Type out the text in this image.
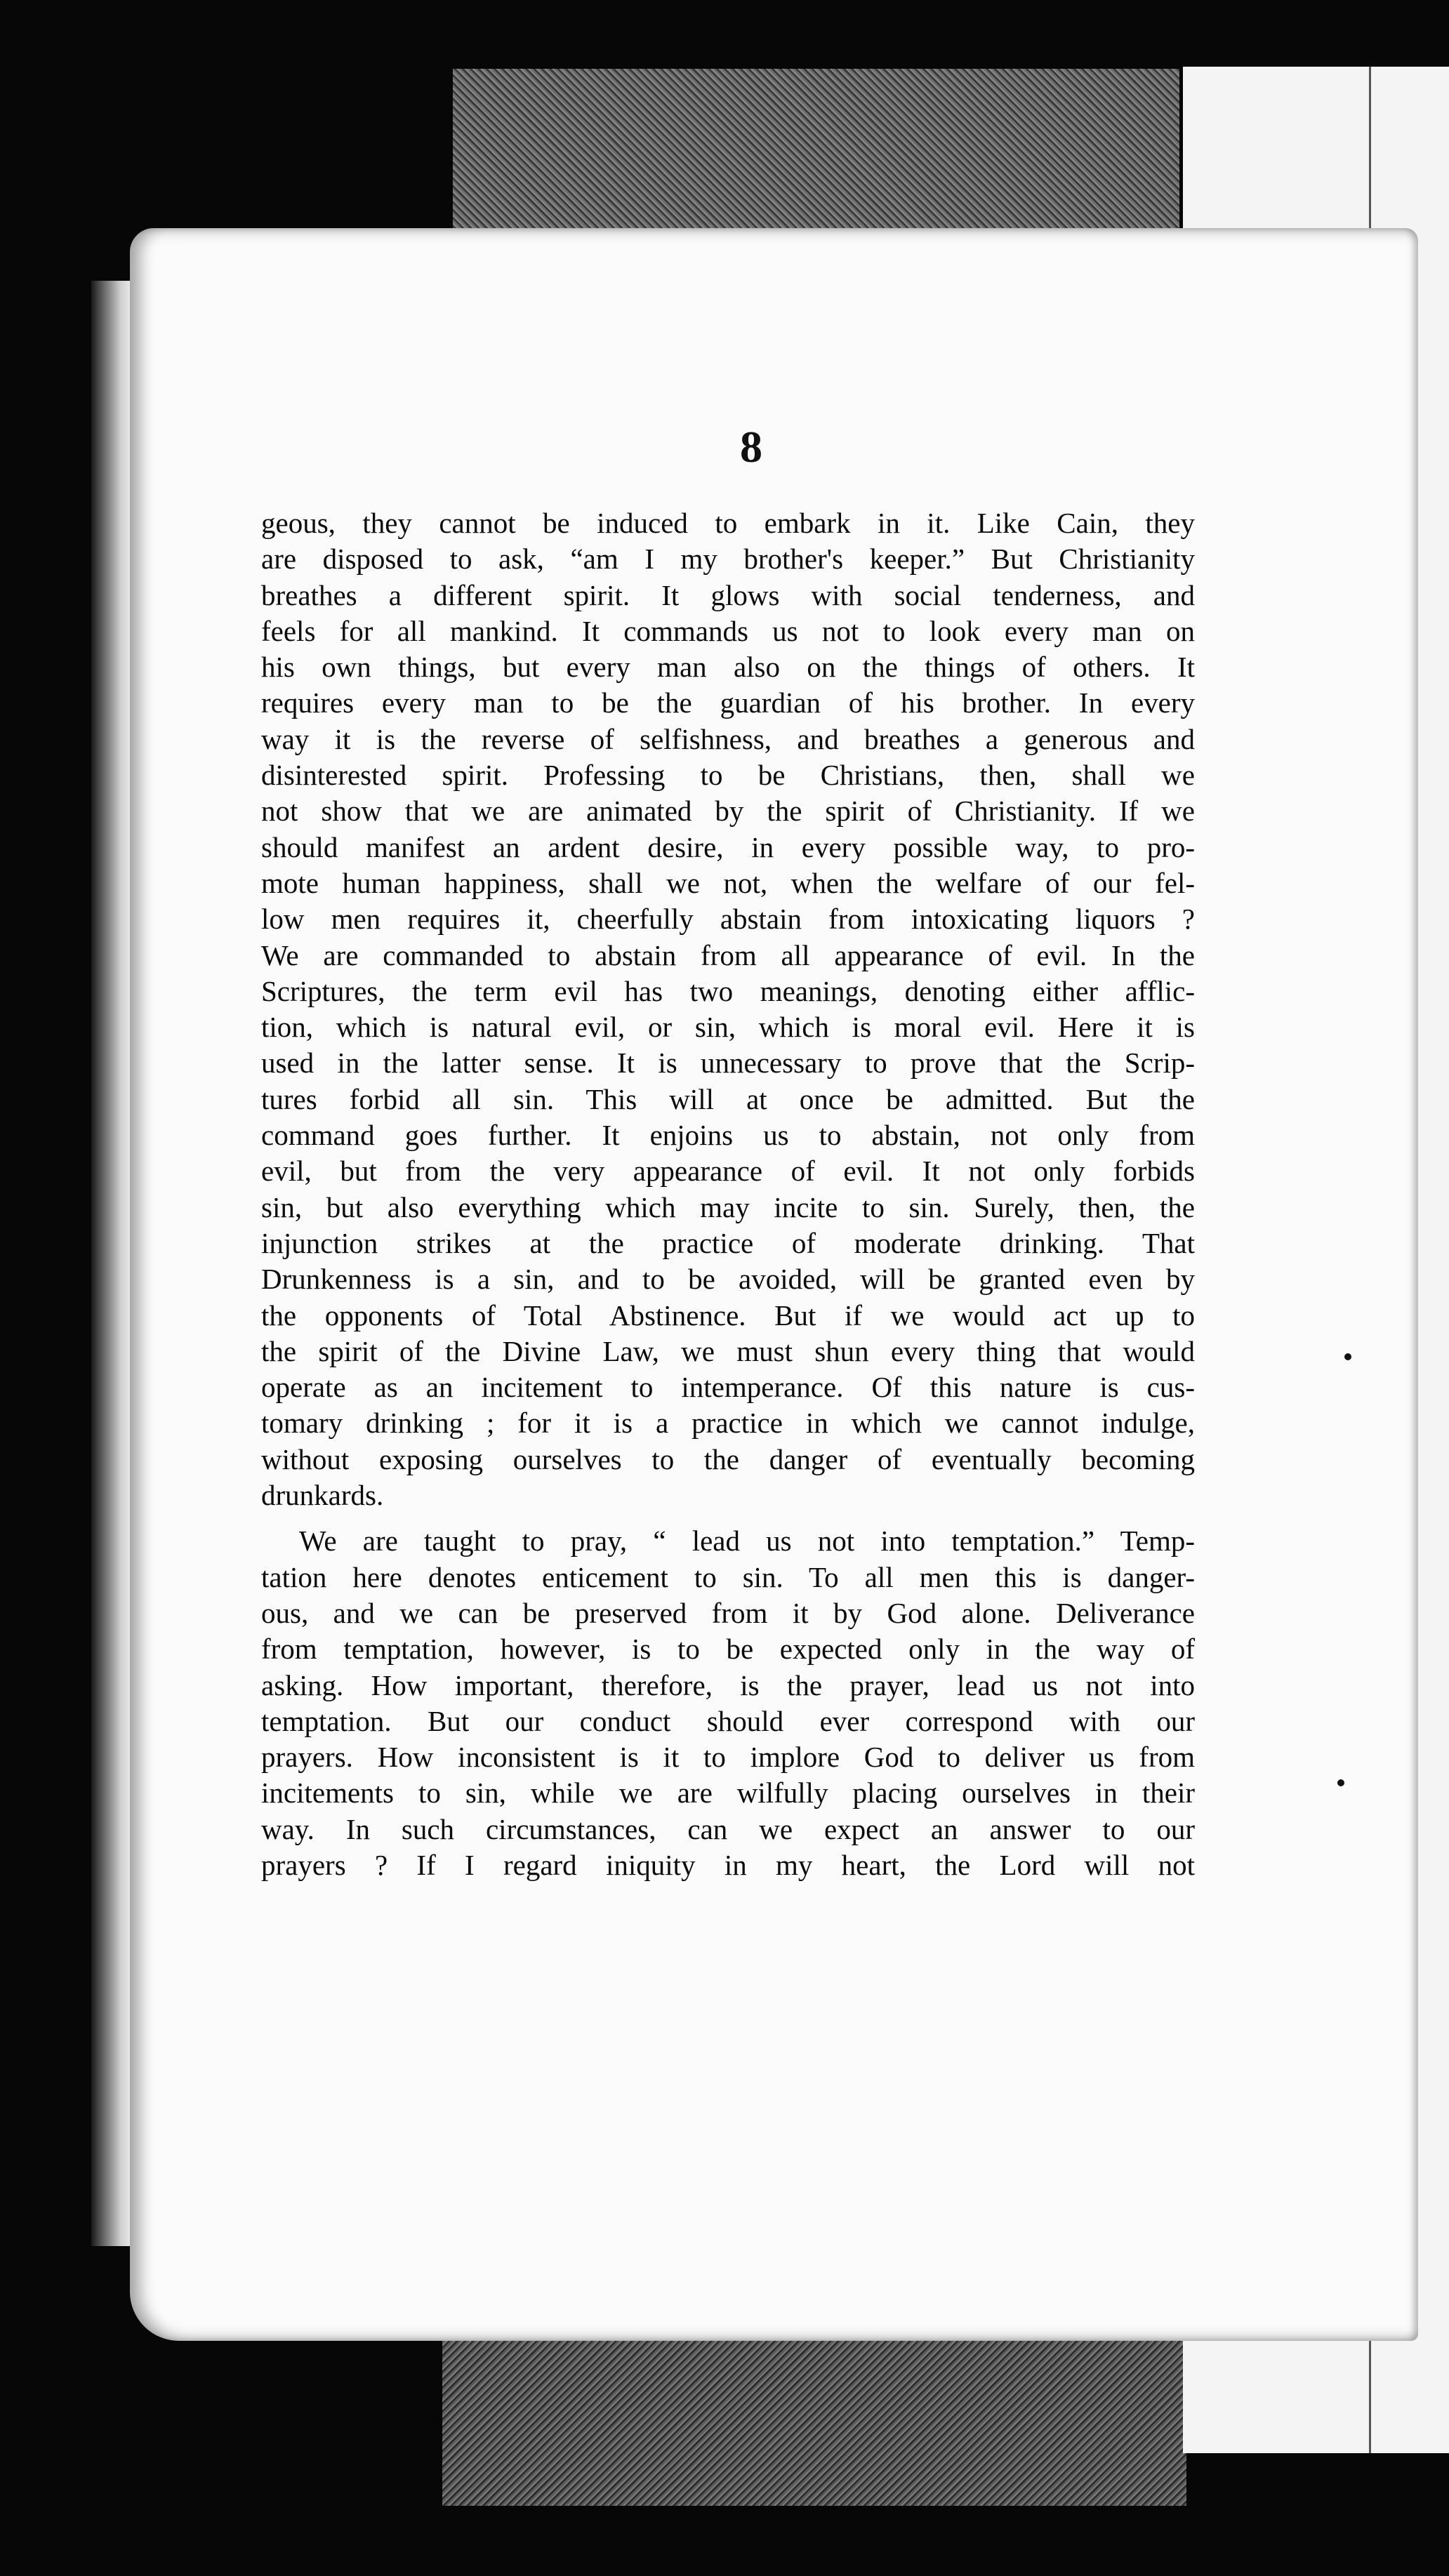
8
geous, they cannot be induced to embark in it. Like Cain, they
are disposed to ask, “am I my brother's keeper.” But Christianity
breathes a different spirit. It glows with social tenderness, and
feels for all mankind. It commands us not to look every man on
his own things, but every man also on the things of others. It
requires every man to be the guardian of his brother. In every
way it is the reverse of selfishness, and breathes a generous and
disinterested spirit. Professing to be Christians, then, shall we
not show that we are animated by the spirit of Christianity. If we
should manifest an ardent desire, in every possible way, to pro-
mote human happiness, shall we not, when the welfare of our fel-
low men requires it, cheerfully abstain from intoxicating liquors ?
We are commanded to abstain from all appearance of evil. In the
Scriptures, the term evil has two meanings, denoting either afflic-
tion, which is natural evil, or sin, which is moral evil. Here it is
used in the latter sense. It is unnecessary to prove that the Scrip-
tures forbid all sin. This will at once be admitted. But the
command goes further. It enjoins us to abstain, not only from
evil, but from the very appearance of evil. It not only forbids
sin, but also everything which may incite to sin. Surely, then, the
injunction strikes at the practice of moderate drinking. That
Drunkenness is a sin, and to be avoided, will be granted even by
the opponents of Total Abstinence. But if we would act up to
the spirit of the Divine Law, we must shun every thing that would
operate as an incitement to intemperance. Of this nature is cus-
tomary drinking ; for it is a practice in which we cannot indulge,
without exposing ourselves to the danger of eventually becoming
drunkards.
We are taught to pray, “ lead us not into temptation.” Temp-
tation here denotes enticement to sin. To all men this is danger-
ous, and we can be preserved from it by God alone. Deliverance
from temptation, however, is to be expected only in the way of
asking. How important, therefore, is the prayer, lead us not into
temptation. But our conduct should ever correspond with our
prayers. How inconsistent is it to implore God to deliver us from
incitements to sin, while we are wilfully placing ourselves in their
way. In such circumstances, can we expect an answer to our
prayers ? If I regard iniquity in my heart, the Lord will not
